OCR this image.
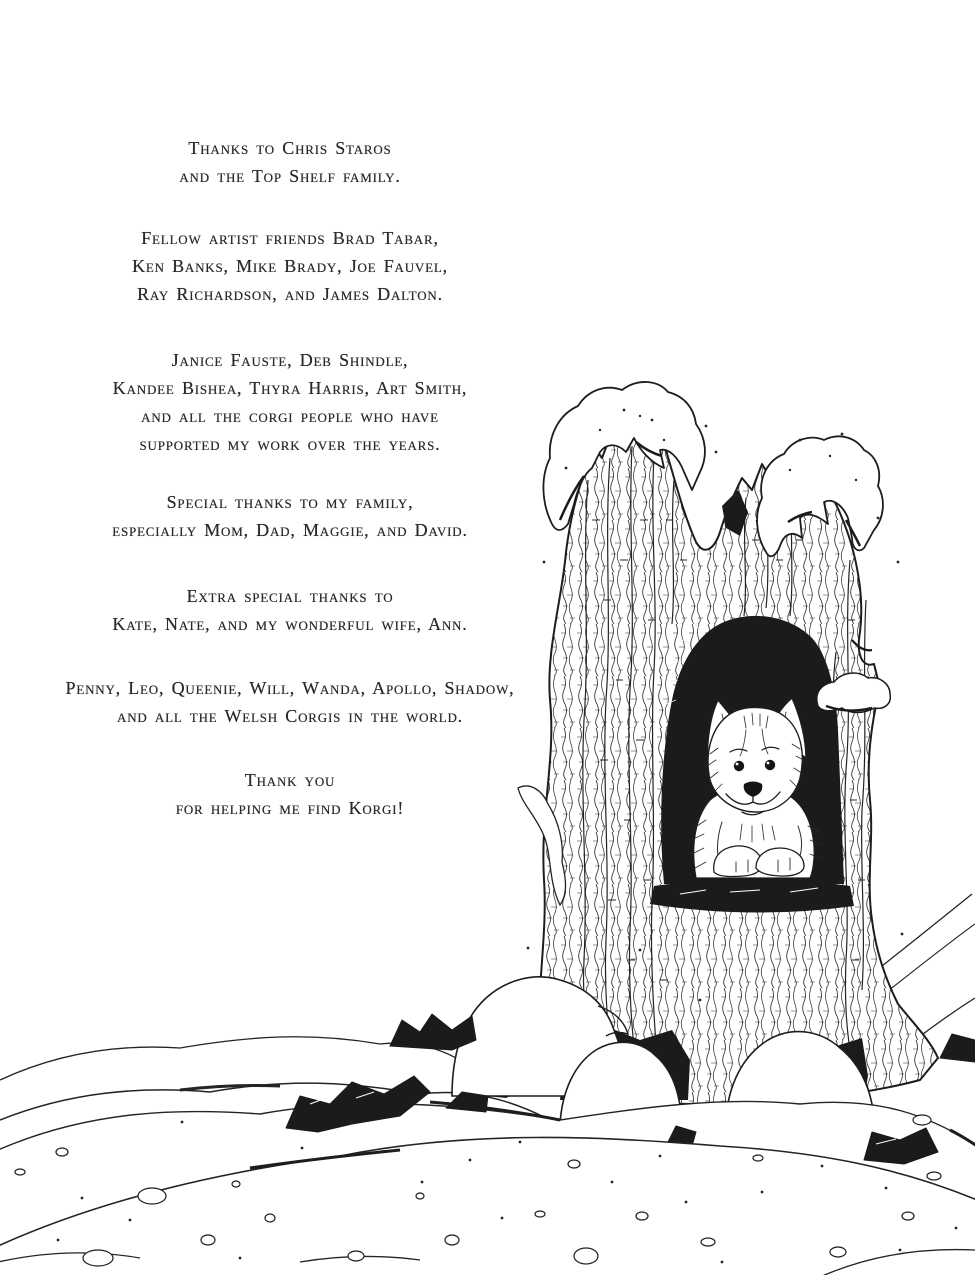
Thanks to Chris Staros
and the Top Shelf family.
Fellow artist friends Brad Tabar,
Ken Banks, Mike Brady, Joe Fauvel,
Ray Richardson, and James Dalton.
Janice Fauste, Deb Shindle,
Kandee Bishea, Thyra Harris, Art Smith,
and all the corgi people who have
supported my work over the years.
Special thanks to my family,
especially Mom, Dad, Maggie, and David.
Extra special thanks to
Kate, Nate, and my wonderful wife, Ann.
Penny, Leo, Queenie, Will, Wanda, Apollo, Shadow,
and all the Welsh Corgis in the world.
Thank you
for helping me find Korgi!
